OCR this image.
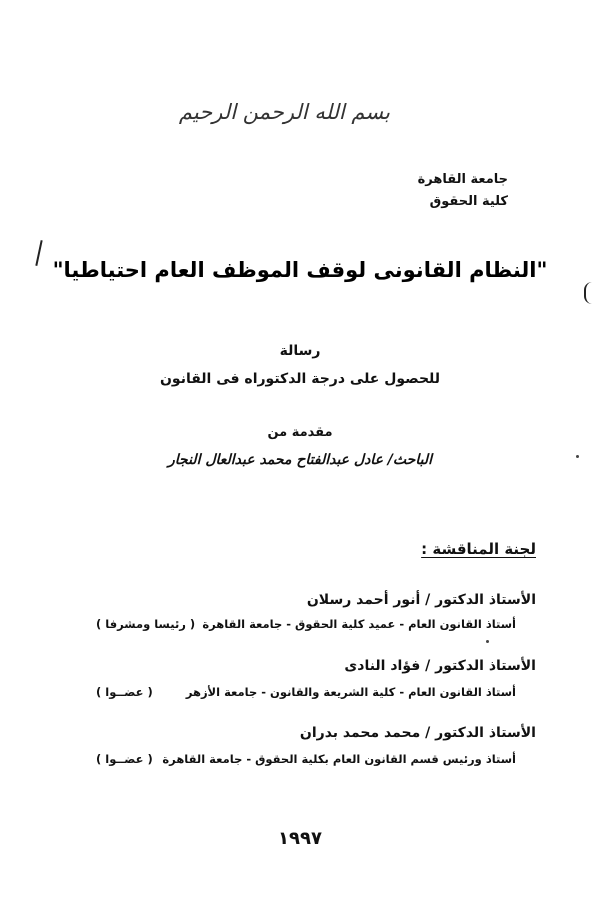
بسم الله الرحمن الرحيم
جامعة القاهرة
كلية الحقوق
"النظام القانونى لوقف الموظف العام احتياطيا"
رسالة
للحصول على درجة الدكتوراه فى القانون
مقدمة من
الباحث/ عادل عبدالفتاح محمد عبدالعال النجار
لجنة المناقشة :
الأستاذ الدكتور / أنور أحمد رسلان
أستاذ القانون العام - عميد كلية الحقوق - جامعة القاهرة
( رئيسا ومشرفا )
الأستاذ الدكتور / فؤاد النادى
أستاذ القانون العام - كلية الشريعة والقانون - جامعة الأزهر
( عضــوا )
الأستاذ الدكتور / محمد محمد بدران
أستاذ ورئيس قسم القانون العام بكلية الحقوق - جامعة القاهرة
( عضــوا )
١٩٩٧
